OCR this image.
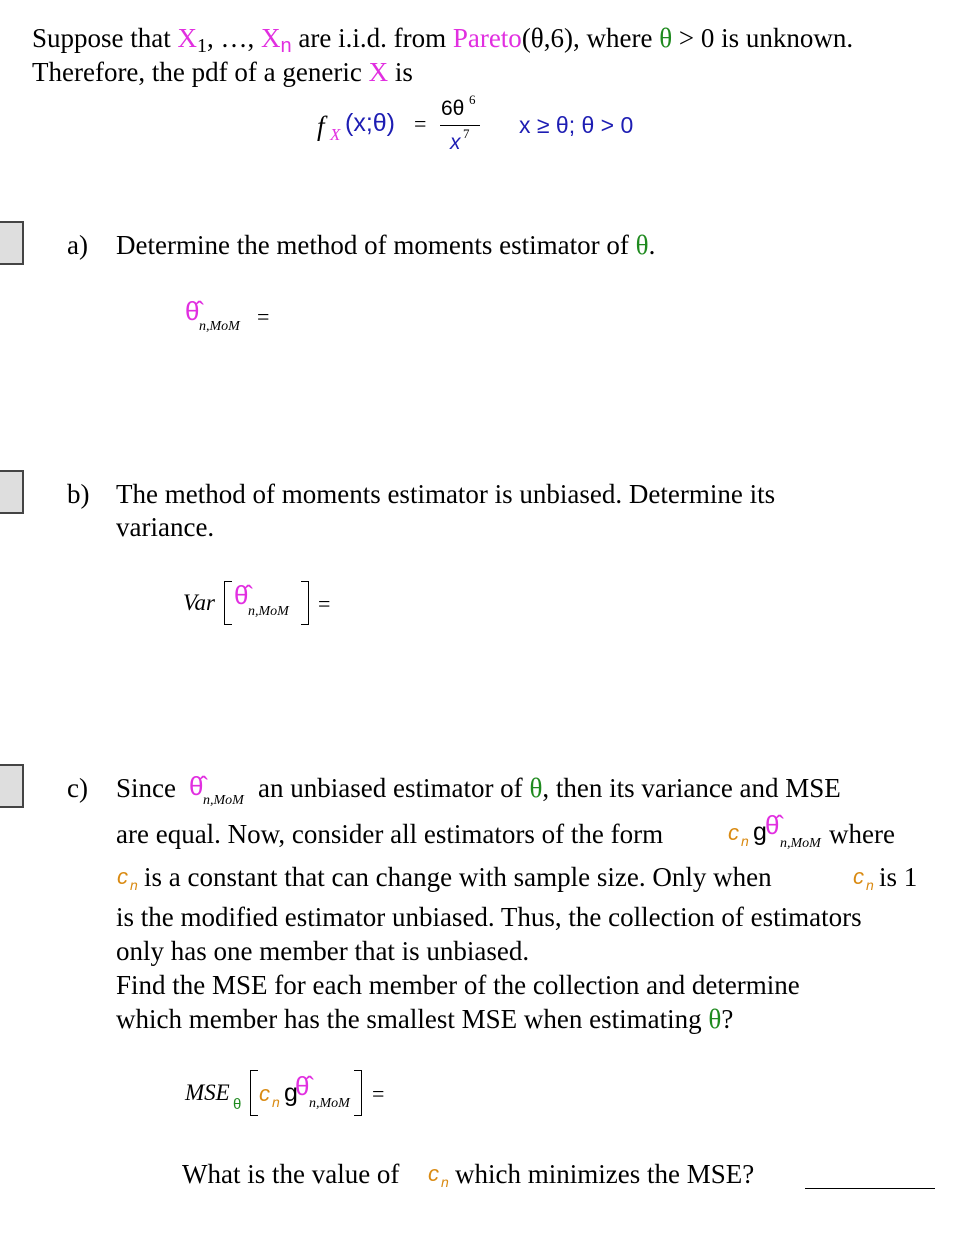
Suppose that $X_1$, …, $X_n$ are i.i.d. from Pareto(θ,6), where θ > 0 is unknown.
Therefore, the pdf of a generic X is
f X (x;θ) =
6θ 6
x 7 x ≥ θ; θ > 0
a) Determine the method of moments estimator of θ.
θ̂
n,MoM =
b) The method of moments estimator is unbiased. Determine its
variance.
Var θ̂
n,MoM =
c) Since θ̂ n,MoM an unbiased estimator of θ, then its variance and MSE
are equal. Now, consider all estimators of the form	c n g
θ̂
n,MoM where
c n is a constant that can change with sample size. Only when	c n is 1
is the modified estimator unbiased. Thus, the collection of estimators
only has one member that is unbiased.
Find the MSE for each member of the collection and determine
which member has the smallest MSE when estimating θ?
MSE θ c n g
θ̂
n,MoM =
What is the value of c n which minimizes the MSE?
